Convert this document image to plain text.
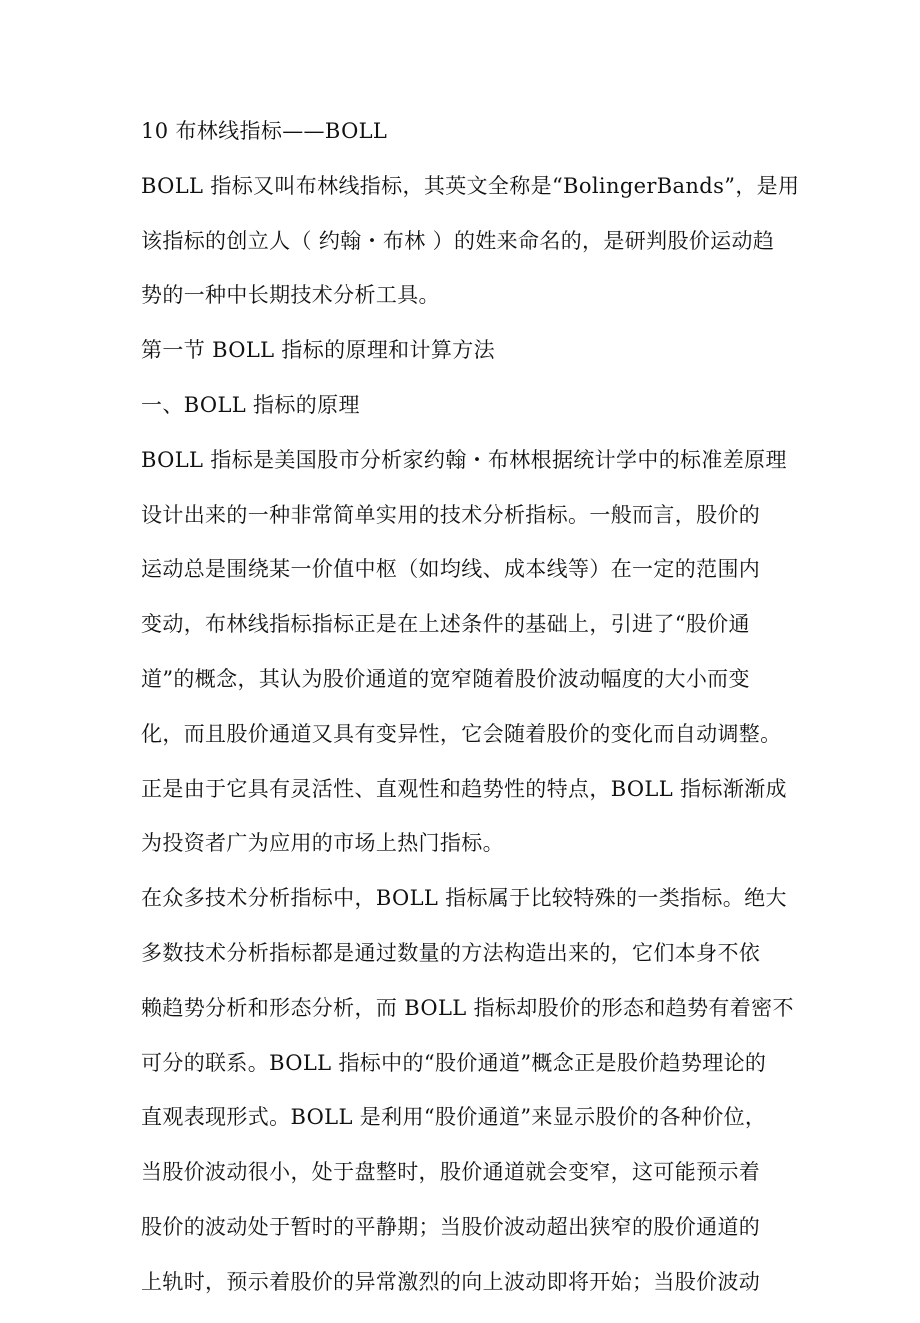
10 布林线指标——BOLL
BOLL 指标又叫布林线指标，其英文全称是“BolingerBands”，是用
该指标的创立人（ 约翰・布林 ）的姓来命名的，是研判股价运动趋
势的一种中长期技术分析工具。
第一节 BOLL 指标的原理和计算方法
一、BOLL 指标的原理
BOLL 指标是美国股市分析家约翰・布林根据统计学中的标准差原理
设计出来的一种非常简单实用的技术分析指标。一般而言，股价的
运动总是围绕某一价值中枢（如均线、成本线等）在一定的范围内
变动，布林线指标指标正是在上述条件的基础上，引进了“股价通
道”的概念，其认为股价通道的宽窄随着股价波动幅度的大小而变
化，而且股价通道又具有变异性，它会随着股价的变化而自动调整。
正是由于它具有灵活性、直观性和趋势性的特点，BOLL 指标渐渐成
为投资者广为应用的市场上热门指标。
在众多技术分析指标中，BOLL 指标属于比较特殊的一类指标。绝大
多数技术分析指标都是通过数量的方法构造出来的，它们本身不依
赖趋势分析和形态分析，而 BOLL 指标却股价的形态和趋势有着密不
可分的联系。BOLL 指标中的“股价通道”概念正是股价趋势理论的
直观表现形式。BOLL 是利用“股价通道”来显示股价的各种价位，
当股价波动很小，处于盘整时，股价通道就会变窄，这可能预示着
股价的波动处于暂时的平静期；当股价波动超出狭窄的股价通道的
上轨时，预示着股价的异常激烈的向上波动即将开始；当股价波动
